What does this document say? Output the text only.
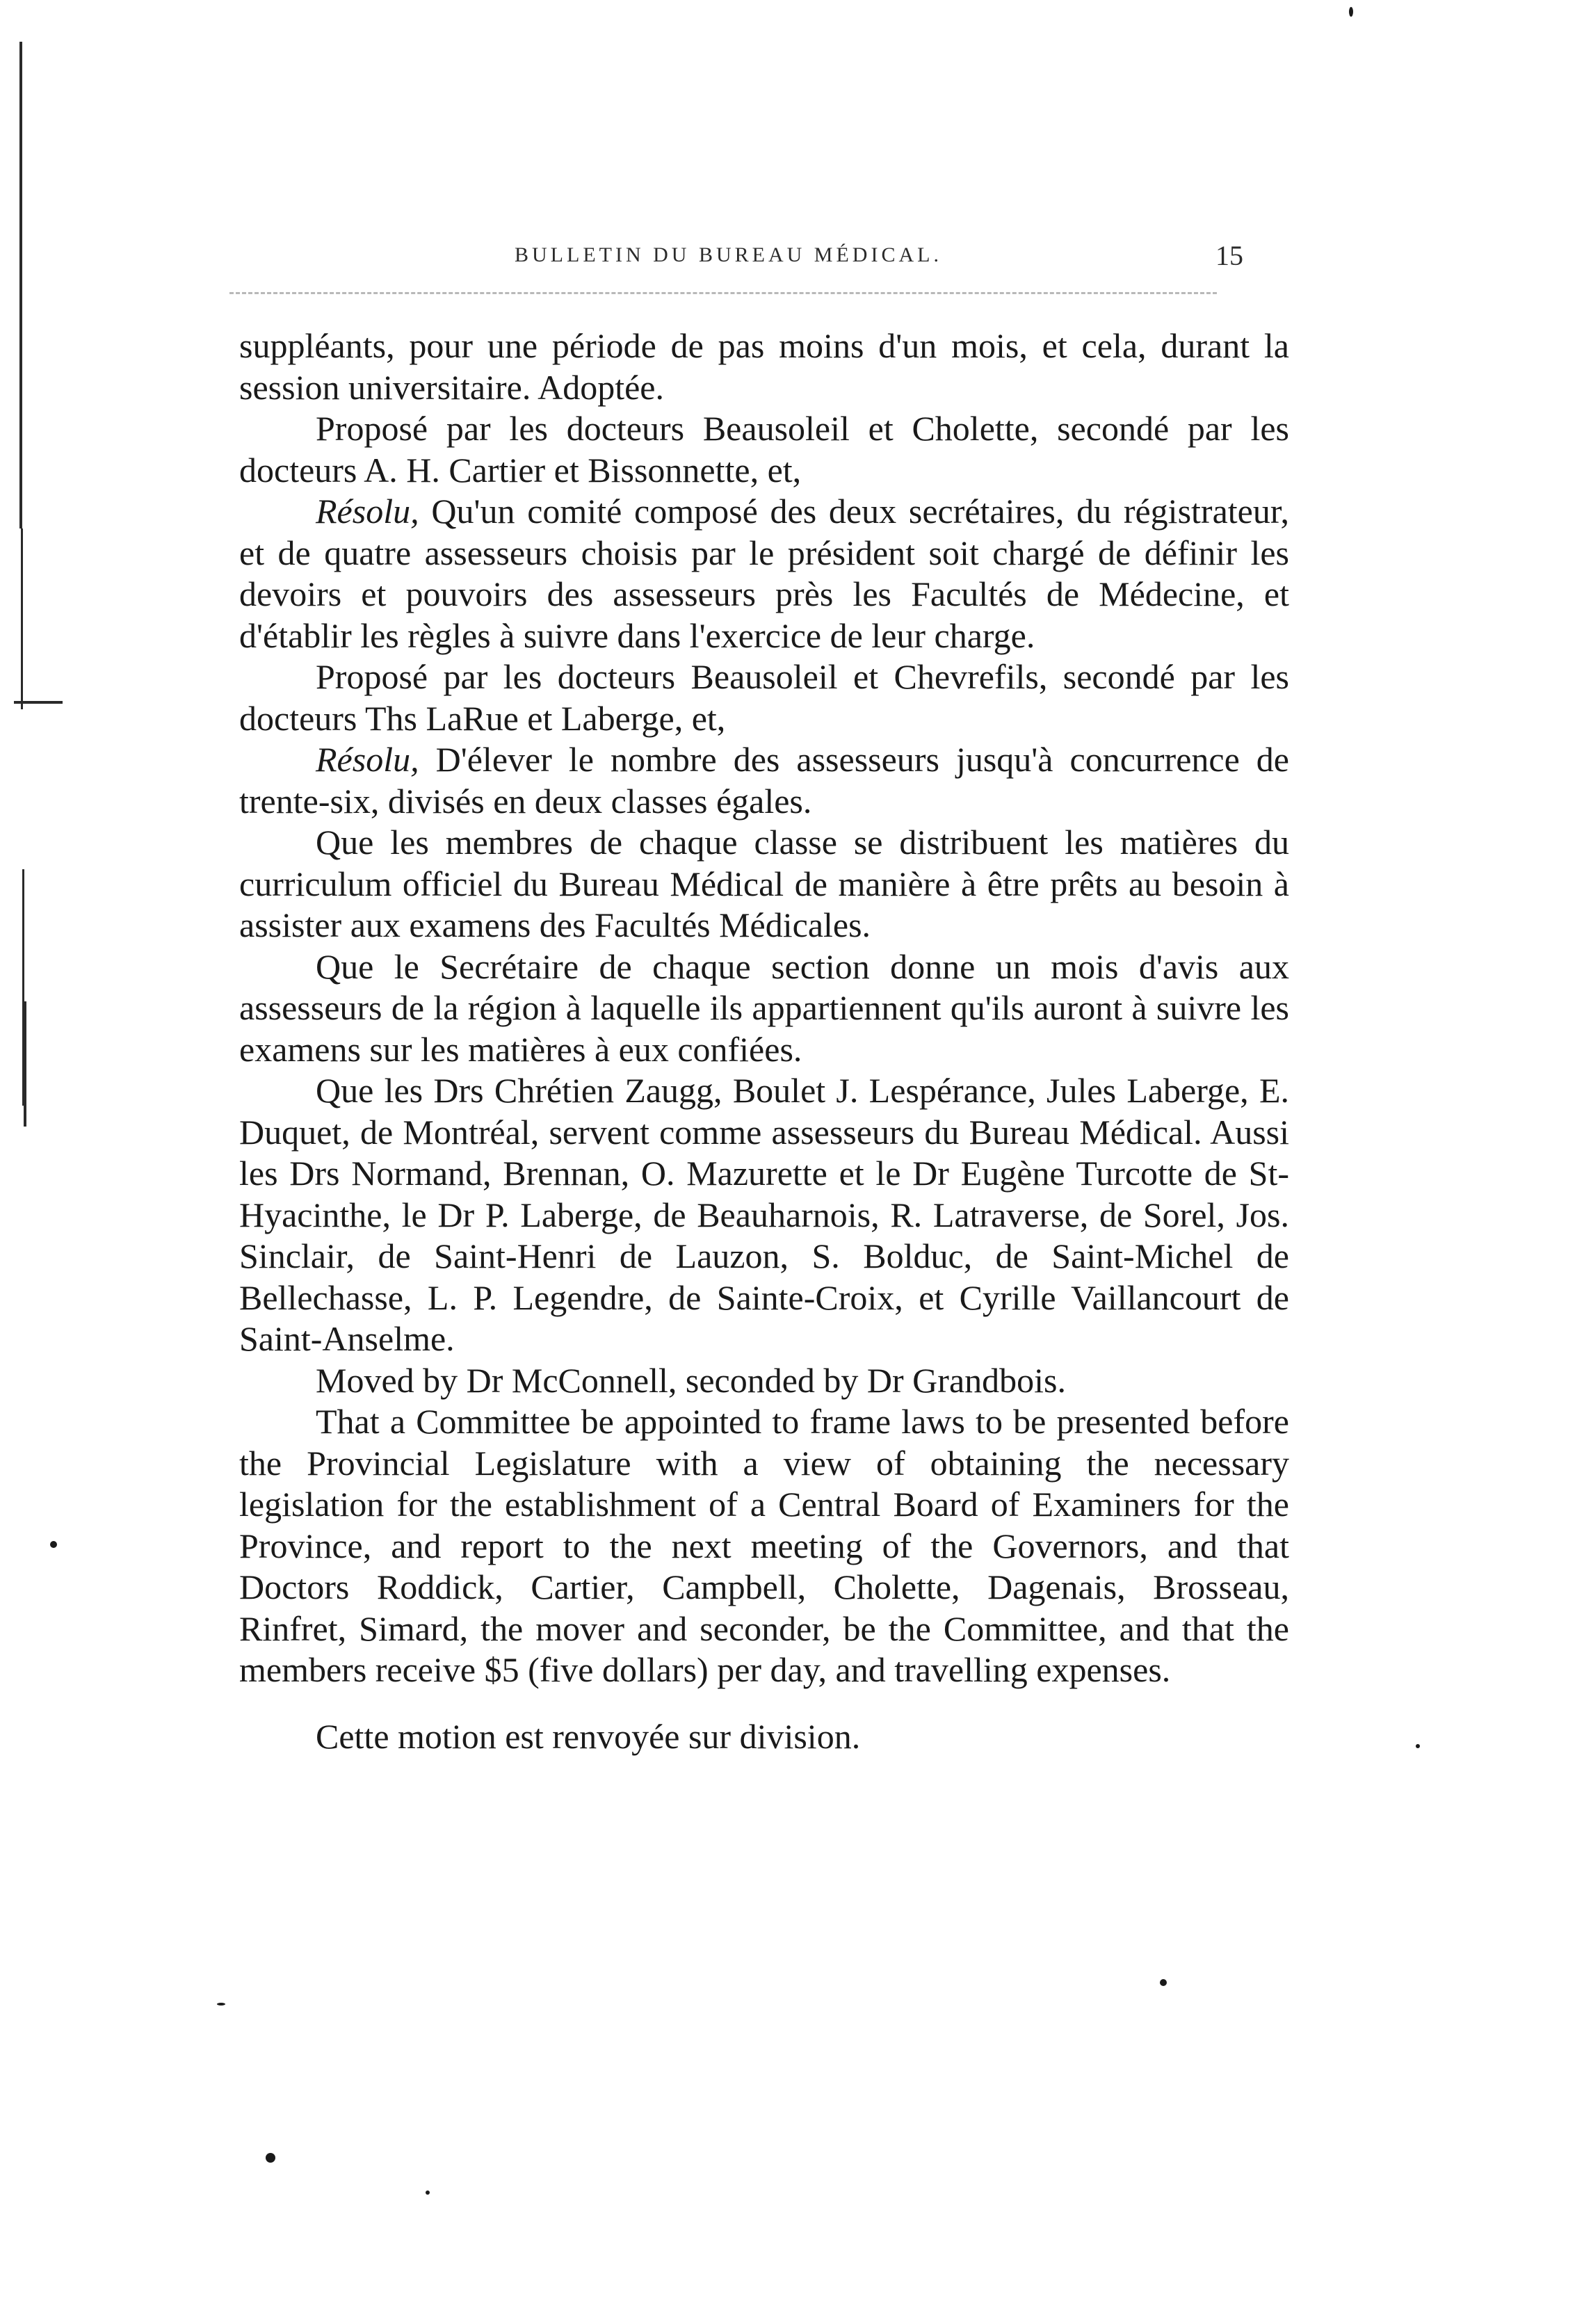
BULLETIN DU BUREAU MÉDICAL.	15

suppléants, pour une période de pas moins d'un mois, et cela, durant la session universitaire. Adoptée.

Proposé par les docteurs Beausoleil et Cholette, secondé par les docteurs A. H. Cartier et Bissonnette, et,

Résolu, Qu'un comité composé des deux secrétaires, du régistrateur, et de quatre assesseurs choisis par le président soit chargé de définir les devoirs et pouvoirs des assesseurs près les Facultés de Médecine, et d'établir les règles à suivre dans l'exercice de leur charge.

Proposé par les docteurs Beausoleil et Chevrefils, secondé par les docteurs Ths LaRue et Laberge, et,

Résolu, D'élever le nombre des assesseurs jusqu'à concurrence de trente-six, divisés en deux classes égales.

Que les membres de chaque classe se distribuent les matières du curriculum officiel du Bureau Médical de manière à être prêts au besoin à assister aux examens des Facultés Médicales.

Que le Secrétaire de chaque section donne un mois d'avis aux assesseurs de la région à laquelle ils appartiennent qu'ils auront à suivre les examens sur les matières à eux confiées.

Que les Drs Chrétien Zaugg, Boulet J. Lespérance, Jules Laberge, E. Duquet, de Montréal, servent comme assesseurs du Bureau Médical. Aussi les Drs Normand, Brennan, O. Mazurette et le Dr Eugène Turcotte de St-Hyacinthe, le Dr P. Laberge, de Beauharnois, R. Latraverse, de Sorel, Jos. Sinclair, de Saint-Henri de Lauzon, S. Bolduc, de Saint-Michel de Bellechasse, L. P. Legendre, de Sainte-Croix, et Cyrille Vaillancourt de Saint-Anselme.

Moved by Dr McConnell, seconded by Dr Grandbois.

That a Committee be appointed to frame laws to be presented before the Provincial Legislature with a view of obtaining the necessary legislation for the establishment of a Central Board of Examiners for the Province, and report to the next meeting of the Governors, and that Doctors Roddick, Cartier, Campbell, Cholette, Dagenais, Brosseau, Rinfret, Simard, the mover and seconder, be the Committee, and that the members receive $5 (five dollars) per day, and travelling expenses.

Cette motion est renvoyée sur division.
